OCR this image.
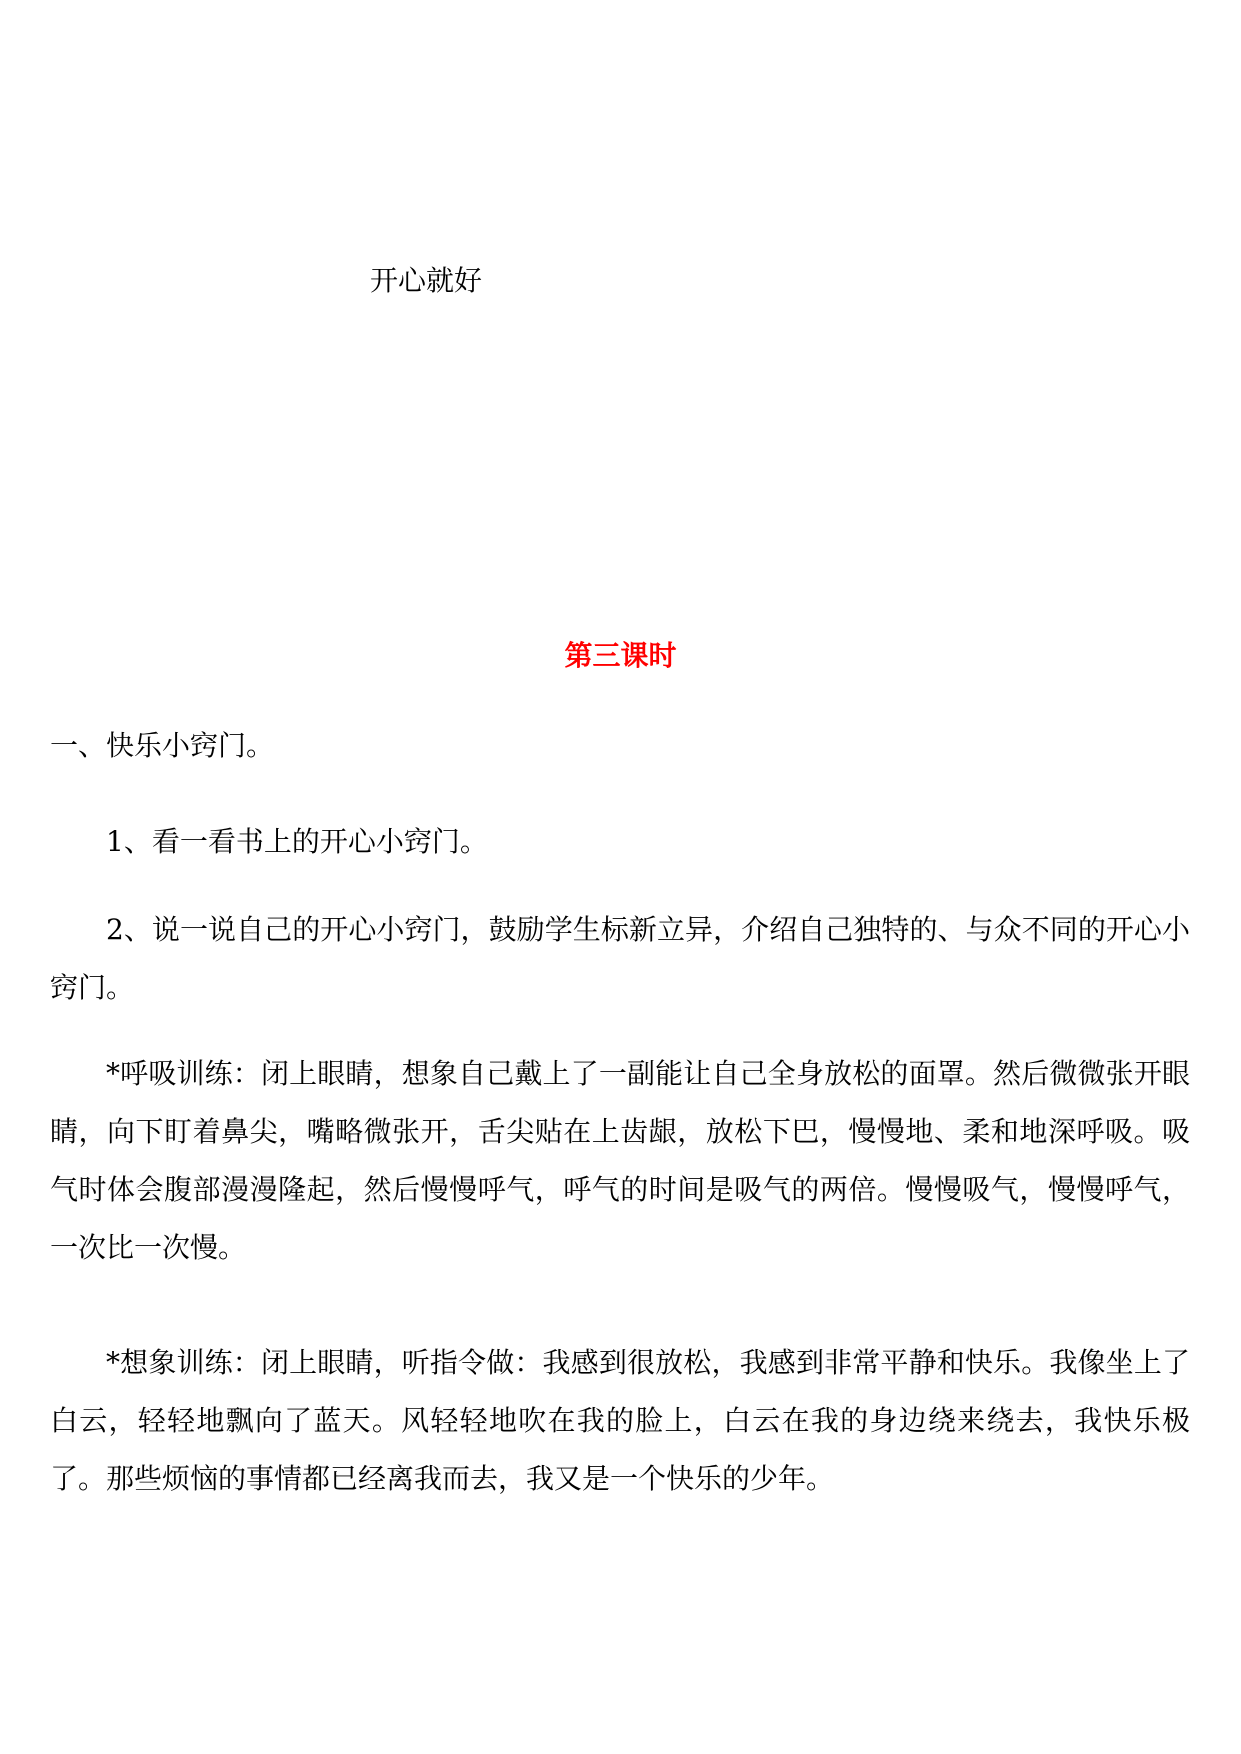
开心就好
第三课时
一、快乐小窍门。
1、看一看书上的开心小窍门。
2、说一说自己的开心小窍门，鼓励学生标新立异，介绍自己独特的、与众不同的开心小窍门。
*呼吸训练：闭上眼睛，想象自己戴上了一副能让自己全身放松的面罩。然后微微张开眼睛，向下盯着鼻尖，嘴略微张开，舌尖贴在上齿龈，放松下巴，慢慢地、柔和地深呼吸。吸气时体会腹部漫漫隆起，然后慢慢呼气，呼气的时间是吸气的两倍。慢慢吸气，慢慢呼气，一次比一次慢。
*想象训练：闭上眼睛，听指令做：我感到很放松，我感到非常平静和快乐。我像坐上了白云，轻轻地飘向了蓝天。风轻轻地吹在我的脸上，白云在我的身边绕来绕去，我快乐极了。那些烦恼的事情都已经离我而去，我又是一个快乐的少年。
